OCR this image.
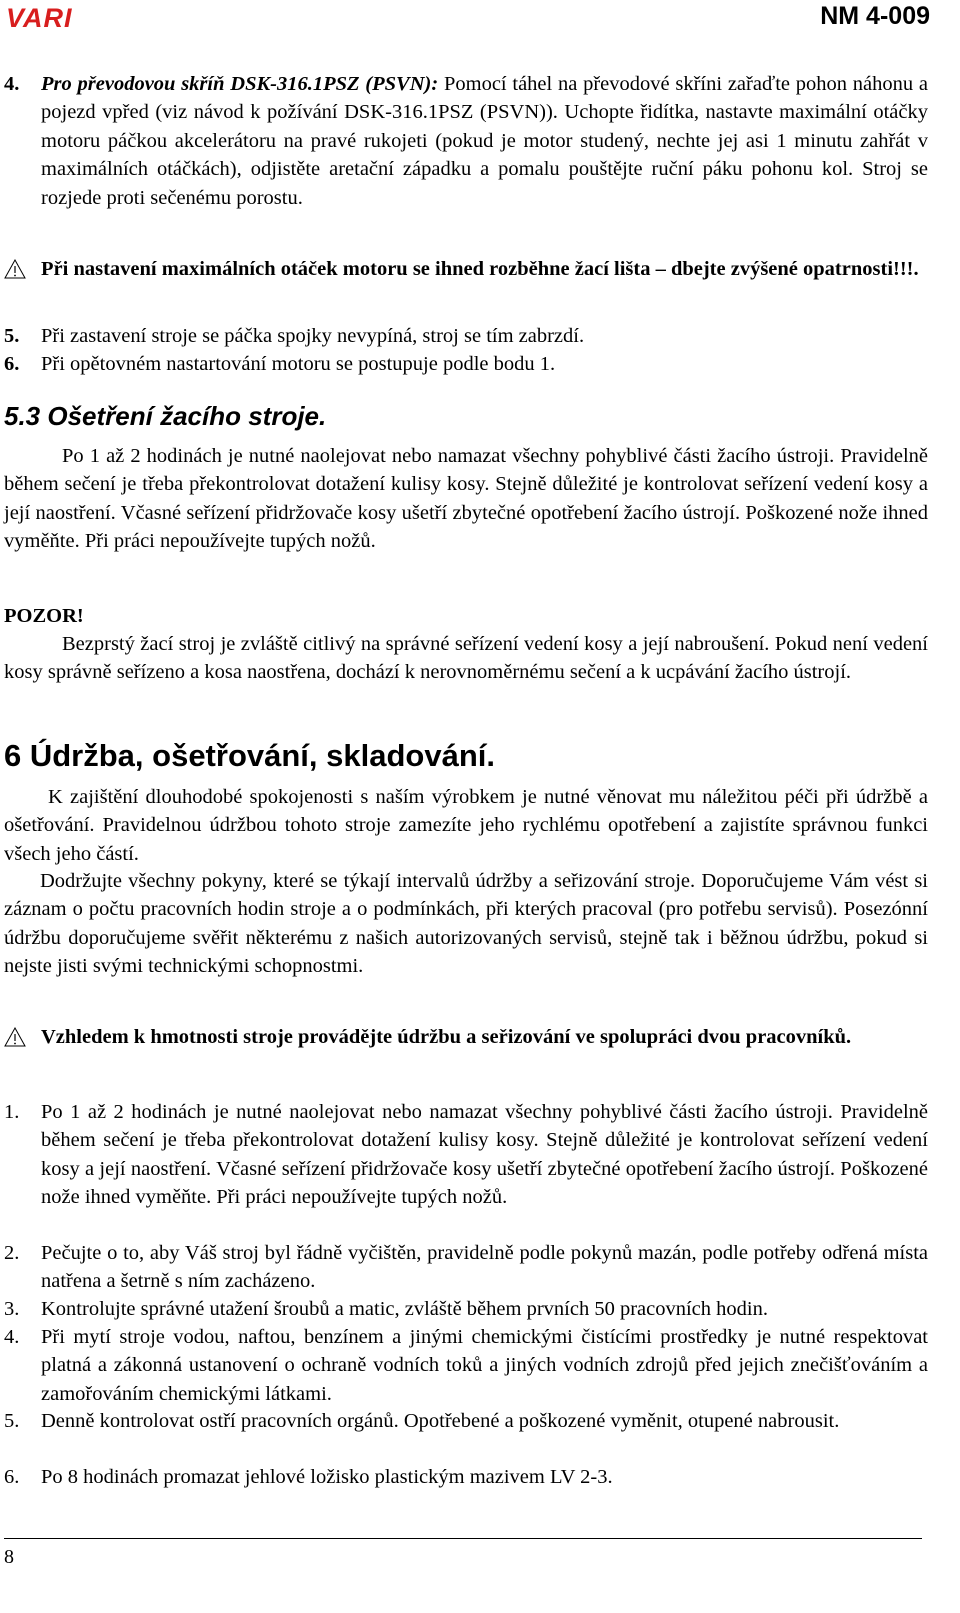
VARI	NM 4-009
4.	Pro převodovou skříň DSK-316.1PSZ (PSVN): Pomocí táhel na převodové skříni zařaďte pohon náhonu a pojezd vpřed (viz návod k požívání DSK-316.1PSZ (PSVN)). Uchopte řidítka, nastavte maximální otáčky motoru páčkou akcelerátoru na pravé rukojeti (pokud je motor studený, nechte jej asi 1 minutu zahřát v maximálních otáčkách), odjistěte aretační západku a pomalu pouštějte ruční páku pohonu kol. Stroj se rozjede proti sečenému porostu.
Při nastavení maximálních otáček motoru se ihned rozběhne žací lišta – dbejte zvýšené opatrnosti!!!.
5.	Při zastavení stroje se páčka spojky nevypíná, stroj se tím zabrzdí.
6.	Při opětovném nastartování motoru se postupuje podle bodu 1.
5.3 Ošetření žacího stroje.
Po 1 až 2 hodinách je nutné naolejovat nebo namazat všechny pohyblivé části žacího ústroji. Pravidelně během sečení je třeba překontrolovat dotažení kulisy kosy. Stejně důležité je kontrolovat seřízení vedení kosy a její naostření. Včasné seřízení přidržovače kosy ušetří zbytečné opotřebení žacího ústrojí. Poškozené nože ihned vyměňte. Při práci nepoužívejte tupých nožů.
POZOR!
Bezprstý žací stroj je zvláště citlivý na správné seřízení vedení kosy a její nabroušení. Pokud není vedení kosy správně seřízeno a kosa naostřena, dochází k nerovnoměrnému sečení a k ucpávání žacího ústrojí.
6 Údržba, ošetřování, skladování.
K zajištění dlouhodobé spokojenosti s naším výrobkem je nutné věnovat mu náležitou péči při údržbě a ošetřování. Pravidelnou údržbou tohoto stroje zamezíte jeho rychlému opotřebení a zajistíte správnou funkci všech jeho částí.
Dodržujte všechny pokyny, které se týkají intervalů údržby a seřizování stroje. Doporučujeme Vám vést si záznam o počtu pracovních hodin stroje a o podmínkách, při kterých pracoval (pro potřebu servisů). Posezónní údržbu doporučujeme svěřit některému z našich autorizovaných servisů, stejně tak i běžnou údržbu, pokud si nejste jisti svými technickými schopnostmi.
Vzhledem k hmotnosti stroje provádějte údržbu a seřizování ve spolupráci dvou pracovníků.
1.	Po 1 až 2 hodinách je nutné naolejovat nebo namazat všechny pohyblivé části žacího ústroji. Pravidelně během sečení je třeba překontrolovat dotažení kulisy kosy. Stejně důležité je kontrolovat seřízení vedení kosy a její naostření. Včasné seřízení přidržovače kosy ušetří zbytečné opotřebení žacího ústrojí. Poškozené nože ihned vyměňte. Při práci nepoužívejte tupých nožů.
2.	Pečujte o to, aby Váš stroj byl řádně vyčištěn, pravidelně podle pokynů mazán, podle potřeby odřená místa natřena a šetrně s ním zacházeno.
3.	Kontrolujte správné utažení šroubů a matic, zvláště během prvních 50 pracovních hodin.
4.	Při mytí stroje vodou, naftou, benzínem a jinými chemickými čistícími prostředky je nutné respektovat platná a zákonná ustanovení o ochraně vodních toků a jiných vodních zdrojů před jejich znečišťováním a zamořováním chemickými látkami.
5.	Denně kontrolovat ostří pracovních orgánů. Opotřebené a poškozené vyměnit, otupené nabrousit.
6.	Po 8 hodinách promazat jehlové ložisko plastickým mazivem LV 2-3.
8
